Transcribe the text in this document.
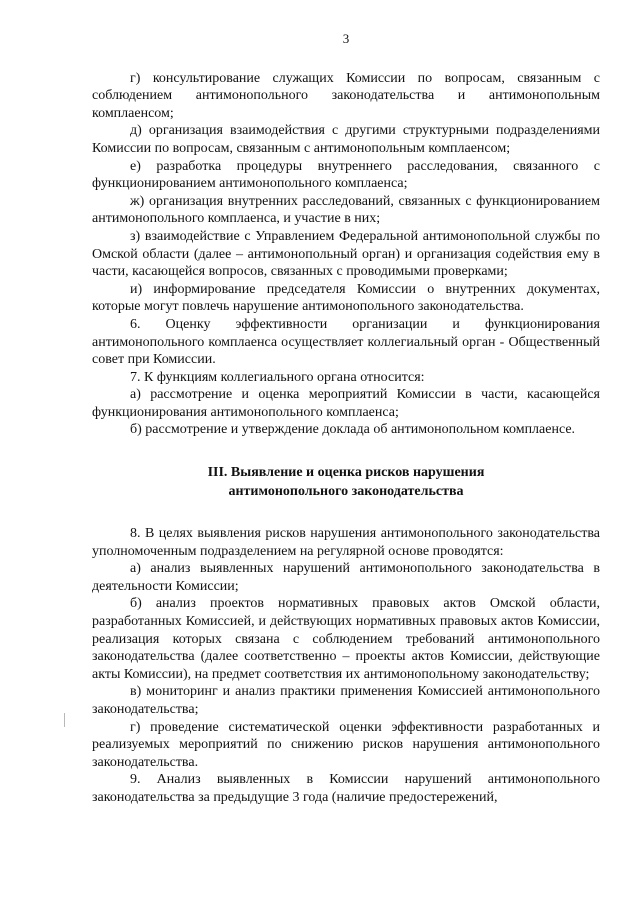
3

г) консультирование служащих Комиссии по вопросам, связанным с соблюдением антимонопольного законодательства и антимонопольным комплаенсом;

д) организация взаимодействия с другими структурными подразделениями Комиссии по вопросам, связанным с антимонопольным комплаенсом;

е) разработка процедуры внутреннего расследования, связанного с функционированием антимонопольного комплаенса;

ж) организация внутренних расследований, связанных с функционированием антимонопольного комплаенса, и участие в них;

з) взаимодействие с Управлением Федеральной антимонопольной службы по Омской области (далее – антимонопольный орган) и организация содействия ему в части, касающейся вопросов, связанных с проводимыми проверками;

и) информирование председателя Комиссии о внутренних документах, которые могут повлечь нарушение антимонопольного законодательства.

6. Оценку эффективности организации и функционирования антимонопольного комплаенса осуществляет коллегиальный орган - Общественный совет при Комиссии.

7. К функциям коллегиального органа относится:

а) рассмотрение и оценка мероприятий Комиссии в части, касающейся функционирования антимонопольного комплаенса;

б) рассмотрение и утверждение доклада об антимонопольном комплаенсе.

III. Выявление и оценка рисков нарушения
антимонопольного законодательства

8. В целях выявления рисков нарушения антимонопольного законодательства уполномоченным подразделением на регулярной основе проводятся:

а) анализ выявленных нарушений антимонопольного законодательства в деятельности Комиссии;

б) анализ проектов нормативных правовых актов Омской области, разработанных Комиссией, и действующих нормативных правовых актов Комиссии, реализация которых связана с соблюдением требований антимонопольного законодательства (далее соответственно – проекты актов Комиссии, действующие акты Комиссии), на предмет соответствия их антимонопольному законодательству;

в) мониторинг и анализ практики применения Комиссией антимонопольного законодательства;

г) проведение систематической оценки эффективности разработанных и реализуемых мероприятий по снижению рисков нарушения антимонопольного законодательства.

9. Анализ выявленных в Комиссии нарушений антимонопольного законодательства за предыдущие 3 года (наличие предостережений,
